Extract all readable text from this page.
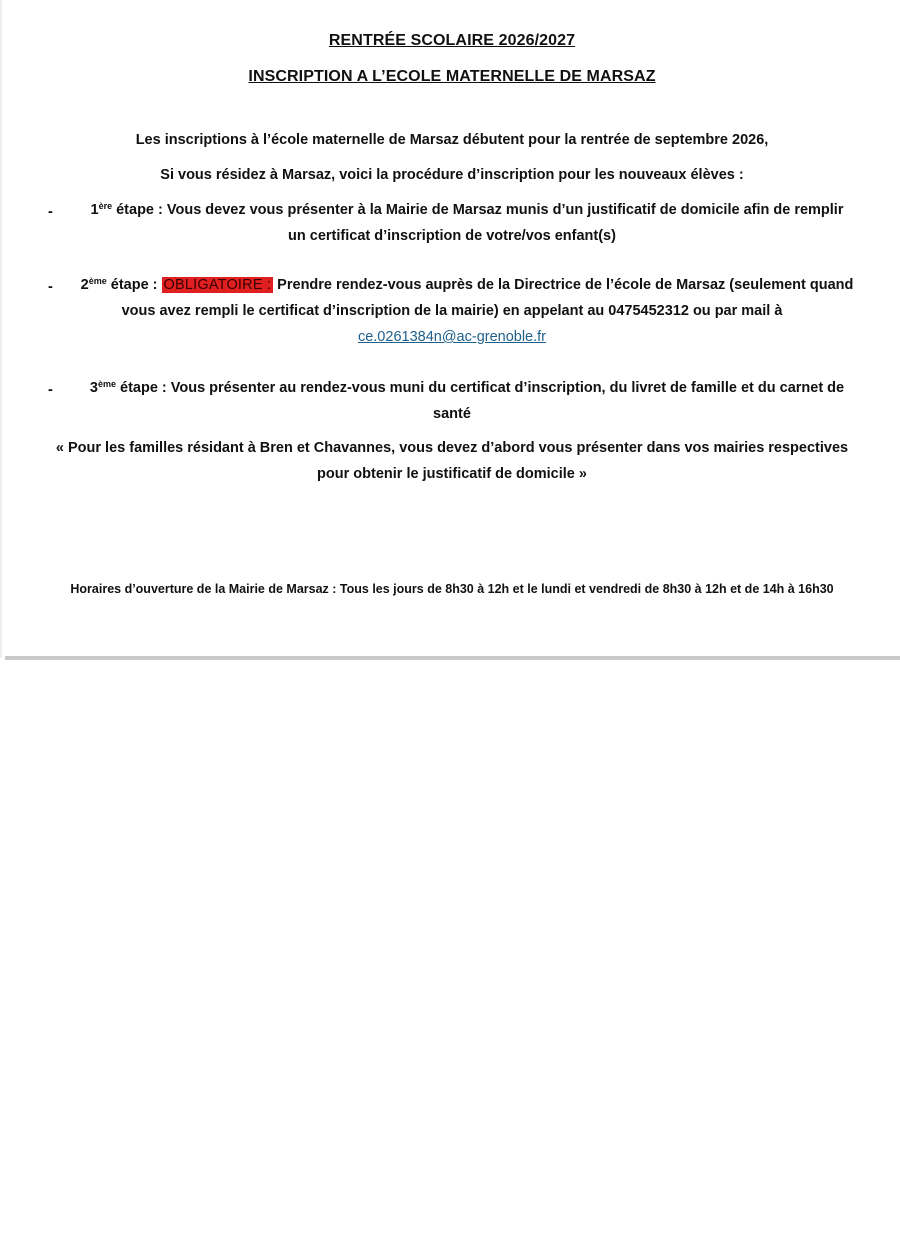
RENTRÉE SCOLAIRE 2026/2027
INSCRIPTION A L’ECOLE MATERNELLE DE MARSAZ
Les inscriptions à l’école maternelle de Marsaz débutent pour la rentrée de septembre 2026,
Si vous résidez à Marsaz, voici la procédure d’inscription pour les nouveaux élèves :
-	1ère étape : Vous devez vous présenter à la Mairie de Marsaz munis d’un justificatif de domicile afin de remplir
un certificat d’inscription de votre/vos enfant(s)
-	2ème étape : OBLIGATOIRE : Prendre rendez-vous auprès de la Directrice de l’école de Marsaz (seulement quand
vous avez rempli le certificat d’inscription de la mairie) en appelant au 0475452312 ou par mail à
ce.0261384n@ac-grenoble.fr
-	3ème étape : Vous présenter au rendez-vous muni du certificat d’inscription, du livret de famille et du carnet de
santé
« Pour les familles résidant à Bren et Chavannes, vous devez d’abord vous présenter dans vos mairies respectives
pour obtenir le justificatif de domicile »
Horaires d’ouverture de la Mairie de Marsaz : Tous les jours de 8h30 à 12h et le lundi et vendredi de 8h30 à 12h et de 14h à 16h30
